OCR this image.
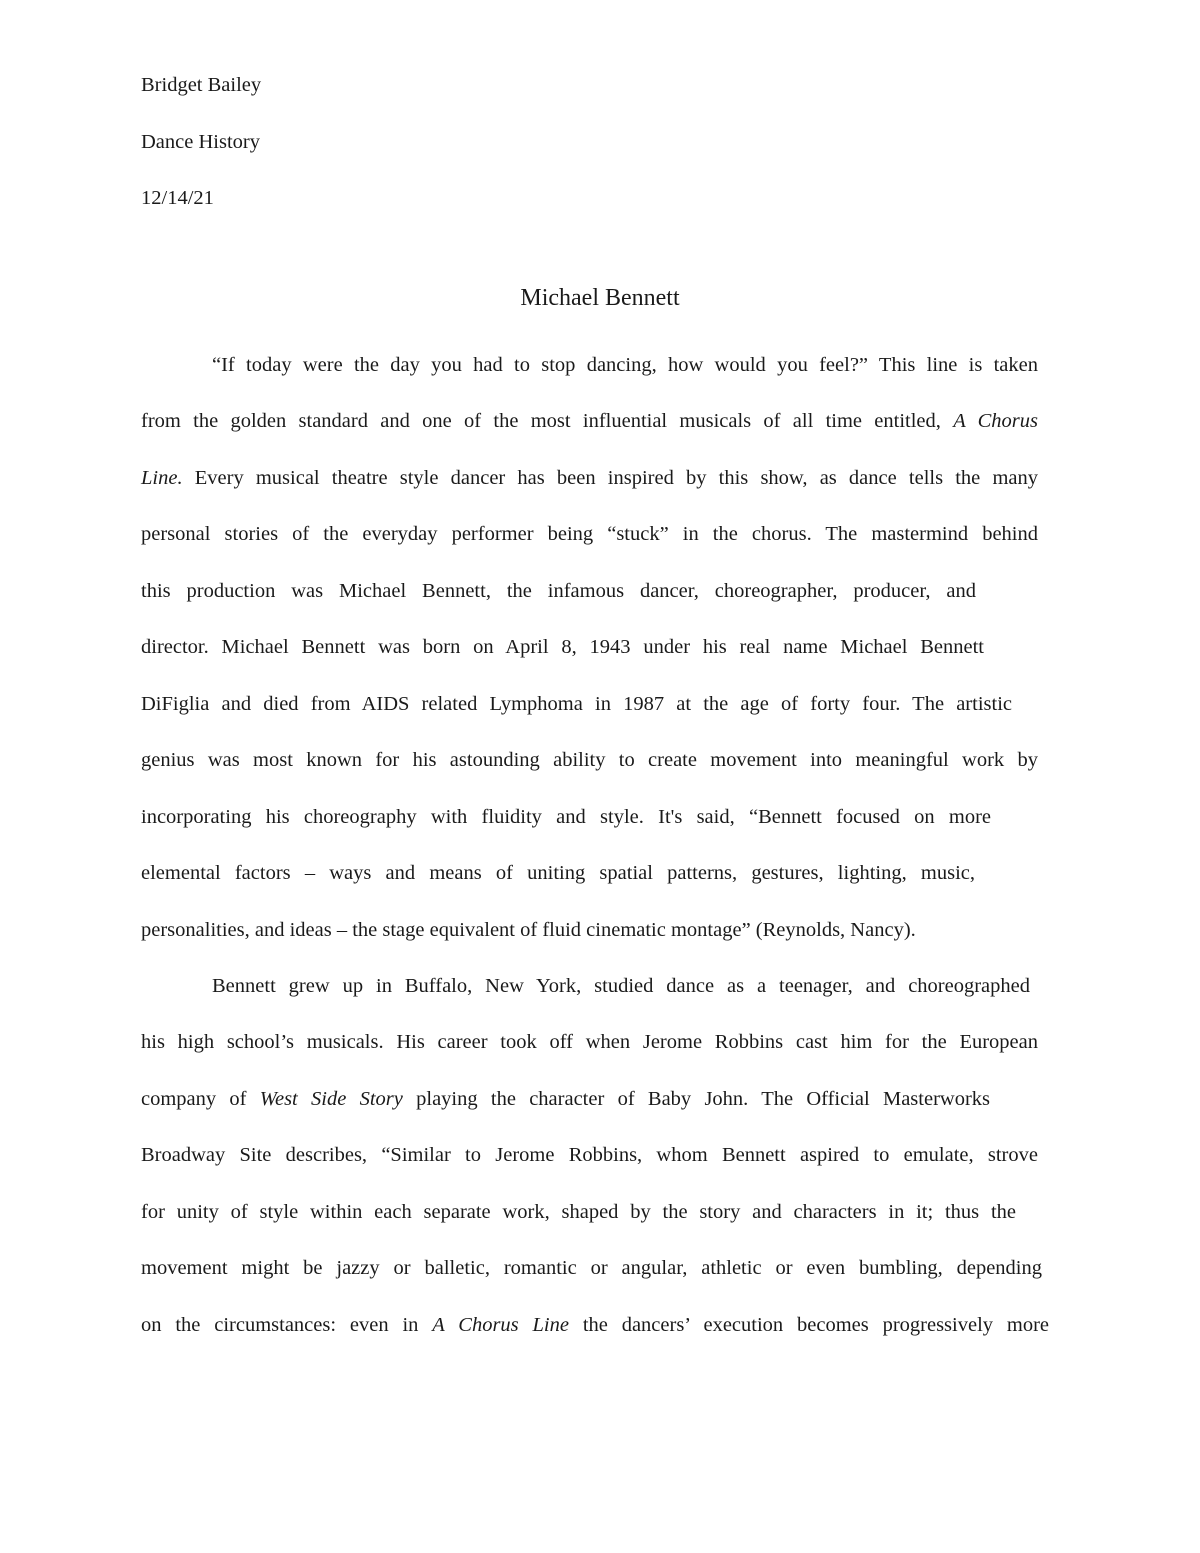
Bridget Bailey
Dance History
12/14/21
Michael Bennett
“If today were the day you had to stop dancing, how would you feel?” This line is taken
from the golden standard and one of the most influential musicals of all time entitled, A Chorus
Line. Every musical theatre style dancer has been inspired by this show, as dance tells the many
personal stories of the everyday performer being “stuck” in the chorus. The mastermind behind
this production was Michael Bennett, the infamous dancer, choreographer, producer, and
director. Michael Bennett was born on April 8, 1943 under his real name Michael Bennett
DiFiglia and died from AIDS related Lymphoma in 1987 at the age of forty four. The artistic
genius was most known for his astounding ability to create movement into meaningful work by
incorporating his choreography with fluidity and style. It's said, “Bennett focused on more
elemental factors – ways and means of uniting spatial patterns, gestures, lighting, music,
personalities, and ideas – the stage equivalent of fluid cinematic montage” (Reynolds, Nancy).
Bennett grew up in Buffalo, New York, studied dance as a teenager, and choreographed
his high school’s musicals. His career took off when Jerome Robbins cast him for the European
company of West Side Story playing the character of Baby John. The Official Masterworks
Broadway Site describes, “Similar to Jerome Robbins, whom Bennett aspired to emulate, strove
for unity of style within each separate work, shaped by the story and characters in it; thus the
movement might be jazzy or balletic, romantic or angular, athletic or even bumbling, depending
on the circumstances: even in A Chorus Line the dancers’ execution becomes progressively more
